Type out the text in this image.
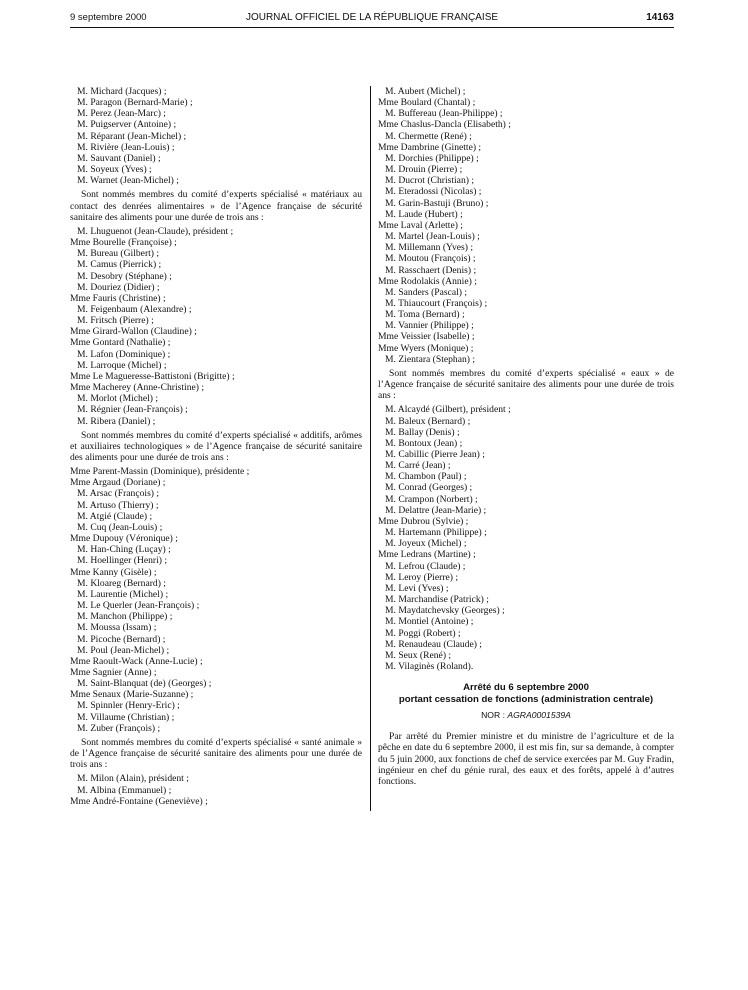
9 septembre 2000	JOURNAL OFFICIEL DE LA RÉPUBLIQUE FRANÇAISE	14163
M. Michard (Jacques) ;
M. Paragon (Bernard-Marie) ;
M. Perez (Jean-Marc) ;
M. Puigserver (Antoine) ;
M. Réparant (Jean-Michel) ;
M. Rivière (Jean-Louis) ;
M. Sauvant (Daniel) ;
M. Soyeux (Yves) ;
M. Warnet (Jean-Michel) ;

Sont nommés membres du comité d’experts spécialisé « matériaux au contact des denrées alimentaires » de l’Agence française de sécurité sanitaire des aliments pour une durée de trois ans :

M. Lhuguenot (Jean-Claude), président ;
Mme Bourelle (Françoise) ;
M. Bureau (Gilbert) ;
M. Camus (Pierrick) ;
M. Desobry (Stéphane) ;
M. Douriez (Didier) ;
Mme Fauris (Christine) ;
M. Feigenbaum (Alexandre) ;
M. Fritsch (Pierre) ;
Mme Girard-Wallon (Claudine) ;
Mme Gontard (Nathalie) ;
M. Lafon (Dominique) ;
M. Larroque (Michel) ;
Mme Le Magueresse-Battistoni (Brigitte) ;
Mme Macherey (Anne-Christine) ;
M. Morlot (Michel) ;
M. Régnier (Jean-François) ;
M. Ribera (Daniel) ;

Sont nommés membres du comité d’experts spécialisé « additifs, arômes et auxiliaires technologiques » de l’Agence française de sécurité sanitaire des aliments pour une durée de trois ans :

Mme Parent-Massin (Dominique), présidente ;
Mme Argaud (Doriane) ;
M. Arsac (François) ;
M. Artuso (Thierry) ;
M. Atgié (Claude) ;
M. Cuq (Jean-Louis) ;
Mme Dupouy (Véronique) ;
M. Han-Ching (Luçay) ;
M. Hoellinger (Henri) ;
Mme Kanny (Gisèle) ;
M. Kloareg (Bernard) ;
M. Laurentie (Michel) ;
M. Le Querler (Jean-François) ;
M. Manchon (Philippe) ;
M. Moussa (Issam) ;
M. Picoche (Bernard) ;
M. Poul (Jean-Michel) ;
Mme Raoult-Wack (Anne-Lucie) ;
Mme Sagnier (Anne) ;
M. Saint-Blanquat (de) (Georges) ;
Mme Senaux (Marie-Suzanne) ;
M. Spinnler (Henry-Eric) ;
M. Villaume (Christian) ;
M. Zuber (François) ;

Sont nommés membres du comité d’experts spécialisé « santé animale » de l’Agence française de sécurité sanitaire des aliments pour une durée de trois ans :

M. Milon (Alain), président ;
M. Albina (Emmanuel) ;
Mme André-Fontaine (Geneviève) ;
M. Aubert (Michel) ;
Mme Boulard (Chantal) ;
M. Buffereau (Jean-Philippe) ;
Mme Chaslus-Dancla (Elisabeth) ;
M. Chermette (René) ;
Mme Dambrine (Ginette) ;
M. Dorchies (Philippe) ;
M. Drouin (Pierre) ;
M. Ducrot (Christian) ;
M. Eteradossi (Nicolas) ;
M. Garin-Bastuji (Bruno) ;
M. Laude (Hubert) ;
Mme Laval (Arlette) ;
M. Martel (Jean-Louis) ;
M. Millemann (Yves) ;
M. Moutou (François) ;
M. Rasschaert (Denis) ;
Mme Rodolakis (Annie) ;
M. Sanders (Pascal) ;
M. Thiaucourt (François) ;
M. Toma (Bernard) ;
M. Vannier (Philippe) ;
Mme Veissier (Isabelle) ;
Mme Wyers (Monique) ;
M. Zientara (Stephan) ;

Sont nommés membres du comité d’experts spécialisé « eaux » de l’Agence française de sécurité sanitaire des aliments pour une durée de trois ans :

M. Alcaydé (Gilbert), président ;
M. Baleux (Bernard) ;
M. Ballay (Denis) ;
M. Bontoux (Jean) ;
M. Cabillic (Pierre Jean) ;
M. Carré (Jean) ;
M. Chambon (Paul) ;
M. Conrad (Georges) ;
M. Crampon (Norbert) ;
M. Delattre (Jean-Marie) ;
Mme Dubrou (Sylvie) ;
M. Hartemann (Philippe) ;
M. Joyeux (Michel) ;
Mme Ledrans (Martine) ;
M. Lefrou (Claude) ;
M. Leroy (Pierre) ;
M. Levi (Yves) ;
M. Marchandise (Patrick) ;
M. Maydatchevsky (Georges) ;
M. Montiel (Antoine) ;
M. Poggi (Robert) ;
M. Renaudeau (Claude) ;
M. Seux (René) ;
M. Vilaginès (Roland).
Arrêté du 6 septembre 2000
portant cessation de fonctions (administration centrale)
NOR : AGRA0001539A

Par arrêté du Premier ministre et du ministre de l’agriculture et de la pêche en date du 6 septembre 2000, il est mis fin, sur sa demande, à compter du 5 juin 2000, aux fonctions de chef de service exercées par M. Guy Fradin, ingénieur en chef du génie rural, des eaux et des forêts, appelé à d’autres fonctions.
